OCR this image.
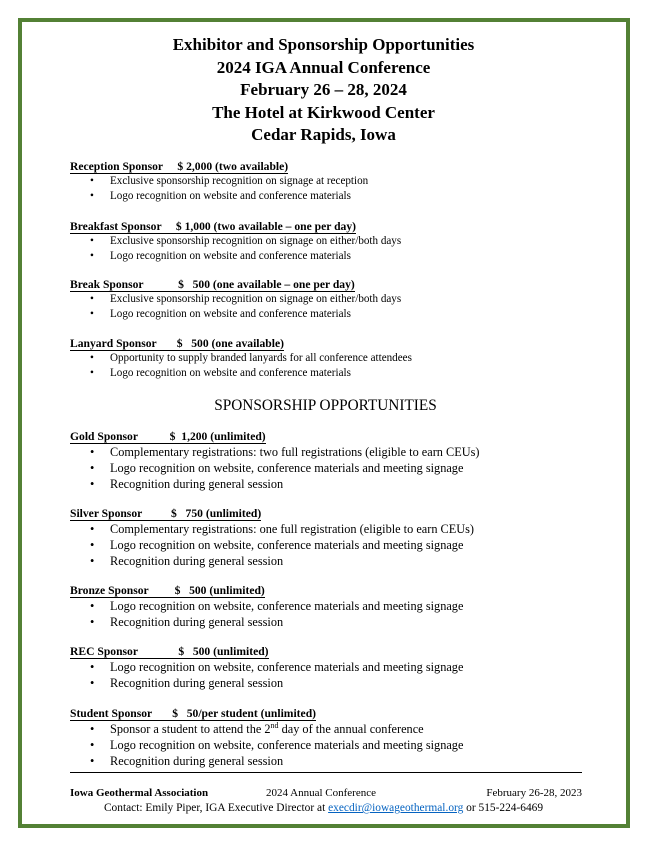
Exhibitor and Sponsorship Opportunities
2024 IGA Annual Conference
February 26 – 28, 2024
The Hotel at Kirkwood Center
Cedar Rapids, Iowa
Reception Sponsor $ 2,000 (two available)
• Exclusive sponsorship recognition on signage at reception
• Logo recognition on website and conference materials
Breakfast Sponsor $ 1,000 (two available – one per day)
• Exclusive sponsorship recognition on signage on either/both days
• Logo recognition on website and conference materials
Break Sponsor	$   500 (one available – one per day)
• Exclusive sponsorship recognition on signage on either/both days
• Logo recognition on website and conference materials
Lanyard Sponsor $   500 (one available)
• Opportunity to supply branded lanyards for all conference attendees
• Logo recognition on website and conference materials
SPONSORSHIP OPPORTUNITIES
Gold Sponsor	$  1,200 (unlimited)
• Complementary registrations: two full registrations (eligible to earn CEUs)
• Logo recognition on website, conference materials and meeting signage
• Recognition during general session
Silver Sponsor $   750 (unlimited)
• Complementary registrations: one full registration (eligible to earn CEUs)
• Logo recognition on website, conference materials and meeting signage
• Recognition during general session
Bronze Sponsor $   500 (unlimited)
• Logo recognition on website, conference materials and meeting signage
• Recognition during general session
REC Sponsor	$   500 (unlimited)
• Logo recognition on website, conference materials and meeting signage
• Recognition during general session
Student Sponsor $   50/per student (unlimited)
• Sponsor a student to attend the 2nd day of the annual conference
• Logo recognition on website, conference materials and meeting signage
• Recognition during general session
Iowa Geothermal Association	2024 Annual Conference	February 26-28, 2023
Contact: Emily Piper, IGA Executive Director at execdir@iowageothermal.org or 515-224-6469
